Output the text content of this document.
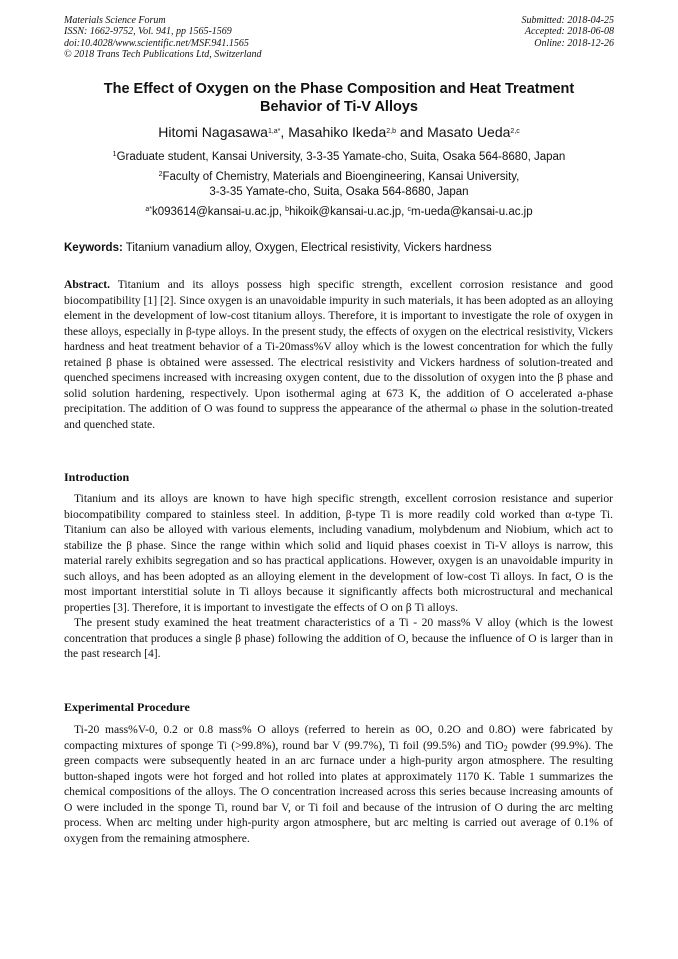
Materials Science Forum
ISSN: 1662-9752, Vol. 941, pp 1565-1569
doi:10.4028/www.scientific.net/MSF.941.1565
© 2018 Trans Tech Publications Ltd, Switzerland
Submitted: 2018-04-25
Accepted: 2018-06-08
Online: 2018-12-26
The Effect of Oxygen on the Phase Composition and Heat Treatment
Behavior of Ti-V Alloys
Hitomi Nagasawa$^{1,a*}$, Masahiko Ikeda$^{2,b}$ and Masato Ueda$^{2,c}$
$^1$Graduate student, Kansai University, 3-3-35 Yamate-cho, Suita, Osaka 564-8680, Japan
$^2$Faculty of Chemistry, Materials and Bioengineering, Kansai University,
3-3-35 Yamate-cho, Suita, Osaka 564-8680, Japan
$^{a*}$k093614@kansai-u.ac.jp, $^b$hikoik@kansai-u.ac.jp, $^c$m-ueda@kansai-u.ac.jp
Keywords: Titanium vanadium alloy, Oxygen, Electrical resistivity, Vickers hardness
Abstract. Titanium and its alloys possess high specific strength, excellent corrosion resistance and good biocompatibility [1] [2]. Since oxygen is an unavoidable impurity in such materials, it has been adopted as an alloying element in the development of low-cost titanium alloys. Therefore, it is important to investigate the role of oxygen in these alloys, especially in β-type alloys. In the present study, the effects of oxygen on the electrical resistivity, Vickers hardness and heat treatment behavior of a Ti-20mass%V alloy which is the lowest concentration for which the fully retained β phase is obtained were assessed. The electrical resistivity and Vickers hardness of solution-treated and quenched specimens increased with increasing oxygen content, due to the dissolution of oxygen into the β phase and solid solution hardening, respectively. Upon isothermal aging at 673 K, the addition of O accelerated a-phase precipitation. The addition of O was found to suppress the appearance of the athermal ω phase in the solution-treated and quenched state.
Introduction

Titanium and its alloys are known to have high specific strength, excellent corrosion resistance and superior biocompatibility compared to stainless steel. In addition, β-type Ti is more readily cold worked than α-type Ti. Titanium can also be alloyed with various elements, including vanadium, molybdenum and Niobium, which act to stabilize the β phase. Since the range within which solid and liquid phases coexist in Ti-V alloys is narrow, this material rarely exhibits segregation and so has practical applications. However, oxygen is an unavoidable impurity in such alloys, and has been adopted as an alloying element in the development of low-cost Ti alloys. In fact, O is the most important interstitial solute in Ti alloys because it significantly affects both microstructural and mechanical properties [3]. Therefore, it is important to investigate the effects of O on β Ti alloys.

The present study examined the heat treatment characteristics of a Ti - 20 mass% V alloy (which is the lowest concentration that produces a single β phase) following the addition of O, because the influence of O is larger than in the past research [4].

Experimental Procedure

Ti-20 mass%V-0, 0.2 or 0.8 mass% O alloys (referred to herein as 0O, 0.2O and 0.8O) were fabricated by compacting mixtures of sponge Ti (>99.8%), round bar V (99.7%), Ti foil (99.5%) and TiO$_2$ powder (99.9%). The green compacts were subsequently heated in an arc furnace under a high-purity argon atmosphere. The resulting button-shaped ingots were hot forged and hot rolled into plates at approximately 1170 K. Table 1 summarizes the chemical compositions of the alloys. The O concentration increased across this series because increasing amounts of O were included in the sponge Ti, round bar V, or Ti foil and because of the intrusion of O during the arc melting process. When arc melting under high-purity argon atmosphere, but arc melting is carried out average of 0.1% of oxygen from the remaining atmosphere.
